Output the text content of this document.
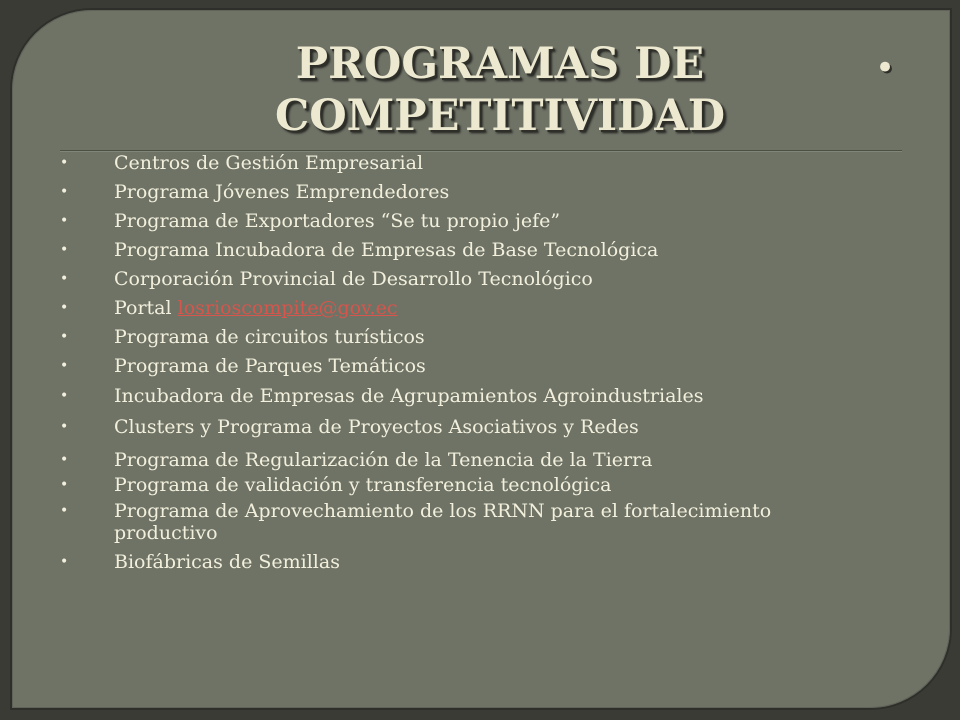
PROGRAMAS DE
COMPETITIVIDAD
•
• Centros de Gestión Empresarial
• Programa Jóvenes Emprendedores
• Programa de Exportadores “Se tu propio jefe”
• Programa Incubadora de Empresas de Base Tecnológica
• Corporación Provincial de Desarrollo Tecnológico
• Portal losrioscompite@gov.ec
• Programa de circuitos turísticos
• Programa de Parques Temáticos
• Incubadora de Empresas de Agrupamientos Agroindustriales
• Clusters y Programa de Proyectos Asociativos y Redes
• Programa de Regularización de la Tenencia de la Tierra
• Programa de validación y transferencia tecnológica
• Programa de Aprovechamiento de los RRNN para el fortalecimiento productivo
• Biofábricas de Semillas
